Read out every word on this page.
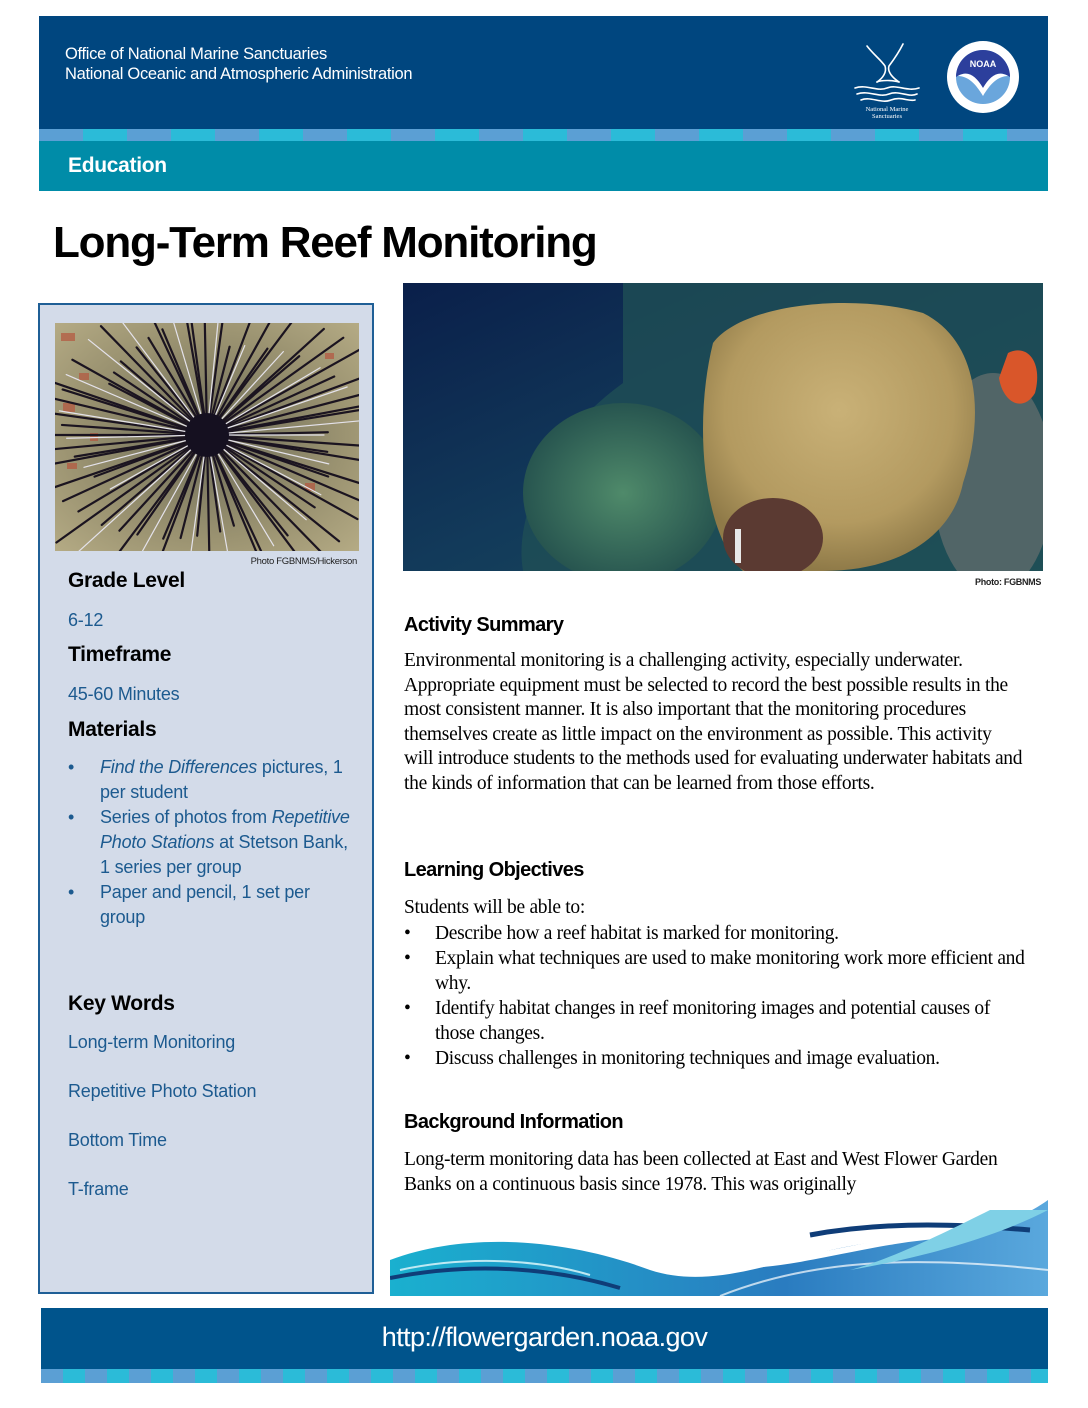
Office of National Marine Sanctuaries
National Oceanic and Atmospheric Administration
National Marine
Sanctuaries
NOAA
Education
Long-Term Reef Monitoring
Photo FGBNMS/Hickerson
Grade Level
6-12
Timeframe
45-60 Minutes
Materials
• Find the Differences pictures, 1 per student
• Series of photos from Repetitive Photo Stations at Stetson Bank, 1 series per group
• Paper and pencil, 1 set per group
Key Words
Long-term Monitoring
Repetitive Photo Station
Bottom Time
T-frame
Photo: FGBNMS
Activity Summary

Environmental monitoring is a challenging activity, especially underwater. Appropriate equipment must be selected to record the best possible results in the most consistent manner. It is also important that the monitoring procedures themselves create as little impact on the environment as possible. This activity will introduce students to the methods used for evaluating underwater habitats and the kinds of information that can be learned from those efforts.

Learning Objectives

Students will be able to:

• Describe how a reef habitat is marked for monitoring.
• Explain what techniques are used to make monitoring work more efficient and why.
• Identify habitat changes in reef monitoring images and potential causes of those changes.
• Discuss challenges in monitoring techniques and image evaluation.
Background Information

Long-term monitoring data has been collected at East and West Flower Garden Banks on a continuous basis since 1978. This was originally

http://flowergarden.noaa.gov
